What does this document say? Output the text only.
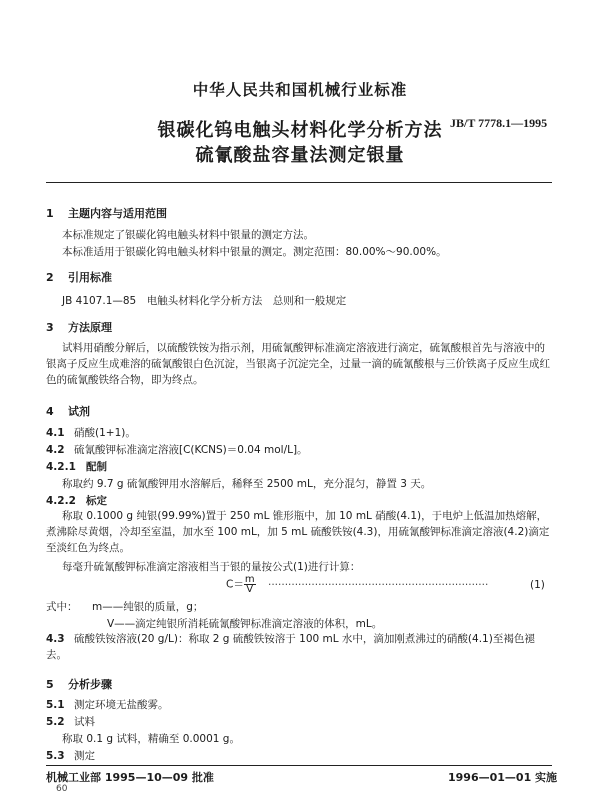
中华人民共和国机械行业标准
银碳化钨电触头材料化学分析方法
硫氰酸盐容量法测定银量
JB/T 7778.1—1995
1 主题内容与适用范围
本标准规定了银碳化钨电触头材料中银量的测定方法。
本标准适用于银碳化钨电触头材料中银量的测定。测定范围：80.00%～90.00%。
2 引用标准
JB 4107.1—85　电触头材料化学分析方法　总则和一般规定
3 方法原理
试料用硝酸分解后，以硫酸铁铵为指示剂，用硫氰酸钾标准滴定溶液进行滴定，硫氰酸根首先与溶液中的银离子反应生成难溶的硫氰酸银白色沉淀，当银离子沉淀完全，过量一滴的硫氰酸根与三价铁离子反应生成红色的硫氰酸铁络合物，即为终点。
4 试剂
4.1 硝酸(1+1)。
4.2 硫氰酸钾标准滴定溶液[C(KCNS)＝0.04 mol/L]。
4.2.1 配制
称取约 9.7 g 硫氰酸钾用水溶解后，稀释至 2500 mL，充分混匀，静置 3 天。
4.2.2 标定
称取 0.1000 g 纯银(99.99%)置于 250 mL 锥形瓶中，加 10 mL 硝酸(4.1)，于电炉上低温加热熔解，煮沸除尽黄烟，冷却至室温，加水至 100 mL，加 5 mL 硫酸铁铵(4.3)，用硫氰酸钾标准滴定溶液(4.2)滴定至淡红色为终点。
每毫升硫氰酸钾标准滴定溶液相当于银的量按公式(1)进行计算：
$C= \frac{m}{V}$ ··································································	(1)
式中： m——纯银的质量，g；
V——滴定纯银所消耗硫氰酸钾标准滴定溶液的体积，mL。
4.3 硫酸铁铵溶液(20 g/L)：称取 2 g 硫酸铁铵溶于 100 mL 水中，滴加刚煮沸过的硝酸(4.1)至褐色褪去。
5 分析步骤
5.1 测定环境无盐酸雾。
5.2 试料
称取 0.1 g 试料，精确至 0.0001 g。
5.3 测定
机械工业部 1995—10—09 批准	1996—01—01 实施
60
